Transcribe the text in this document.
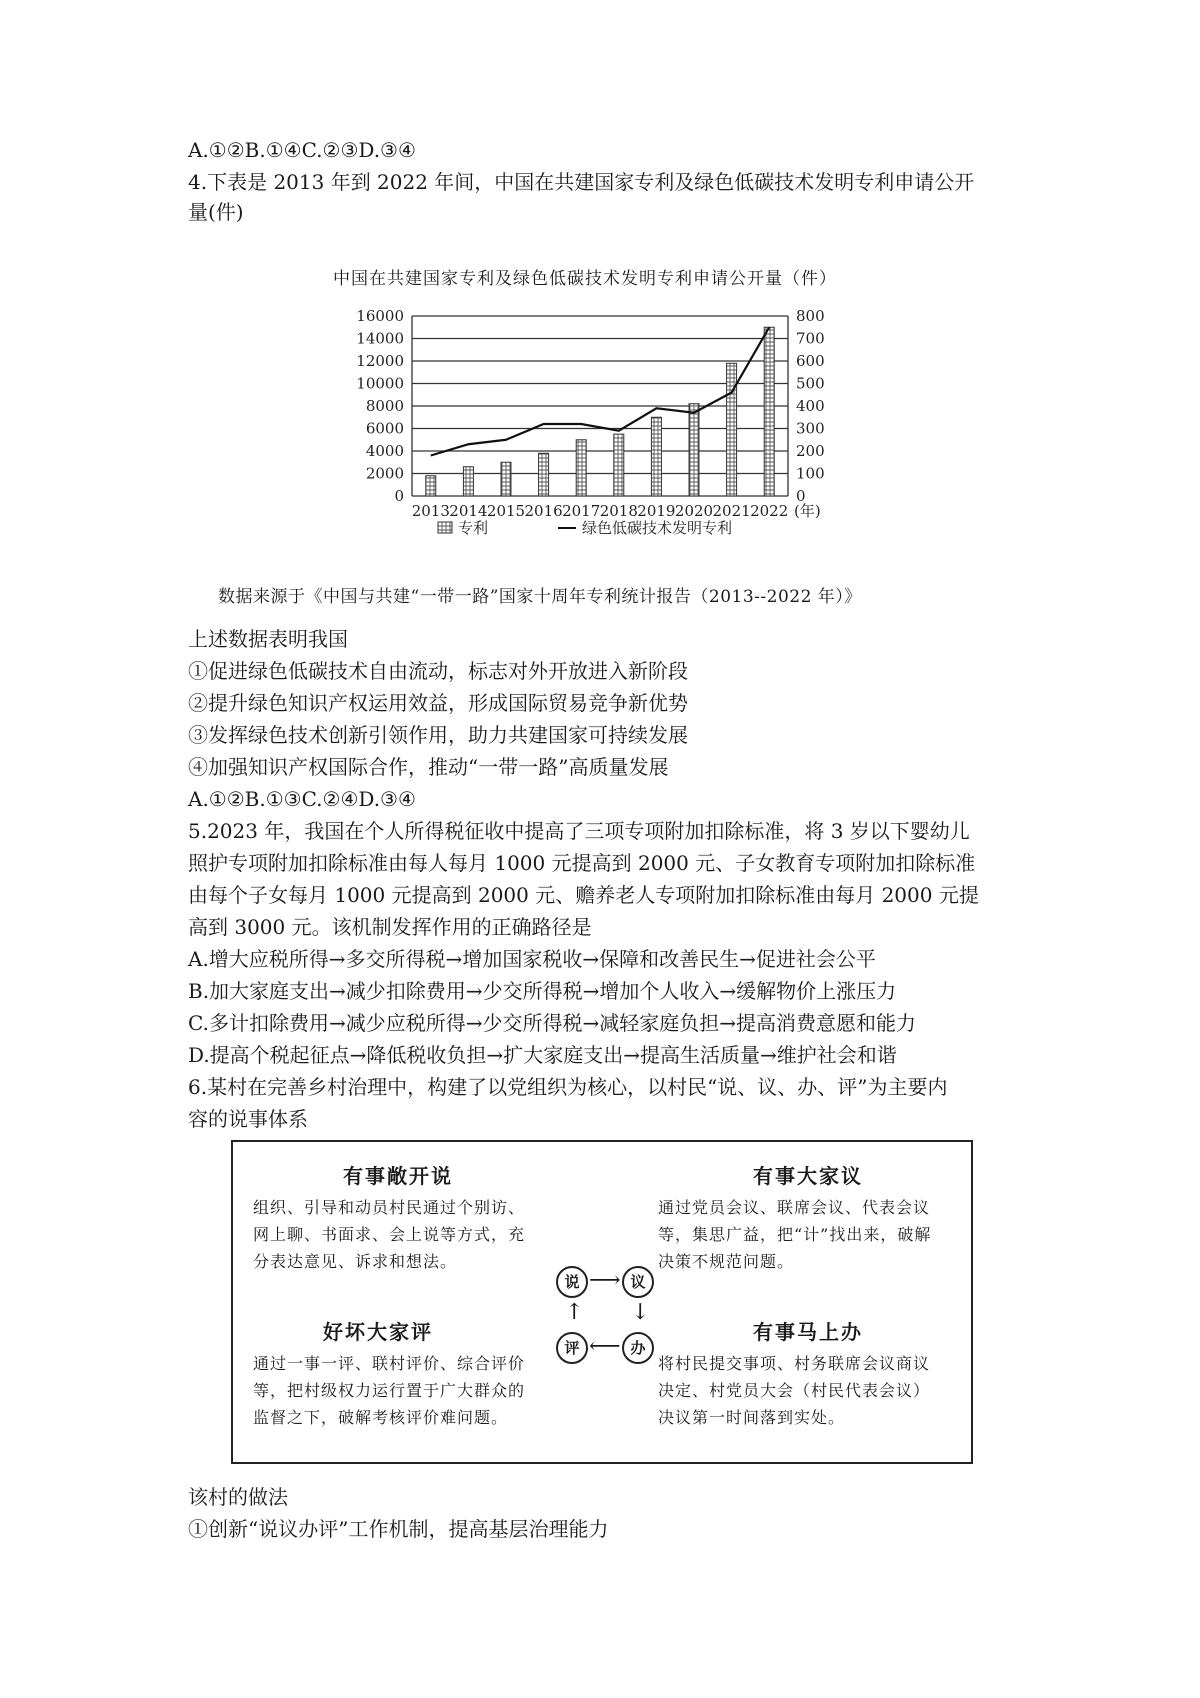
A.①②B.①④C.②③D.③④
4.下表是 2013 年到 2022 年间，中国在共建国家专利及绿色低碳技术发明专利申请公开
量(件)
中国在共建国家专利及绿色低碳技术发明专利申请公开量（件）
0
2000
4000
6000
8000
10000
12000
14000
16000
0
100
200
300
400
500
600
700
800
2013 2014 2015 2016 2017 2018 2019 2020 2021 2022 (年)
专利	绿色低碳技术发明专利
数据来源于《中国与共建“一带一路”国家十周年专利统计报告（2013--2022 年）》
上述数据表明我国
①促进绿色低碳技术自由流动，标志对外开放进入新阶段
②提升绿色知识产权运用效益，形成国际贸易竞争新优势
③发挥绿色技术创新引领作用，助力共建国家可持续发展
④加强知识产权国际合作，推动“一带一路”高质量发展
A.①②B.①③C.②④D.③④
5.2023 年，我国在个人所得税征收中提高了三项专项附加扣除标准，将 3 岁以下婴幼儿
照护专项附加扣除标准由每人每月 1000 元提高到 2000 元、子女教育专项附加扣除标准
由每个子女每月 1000 元提高到 2000 元、赡养老人专项附加扣除标准由每月 2000 元提
高到 3000 元。该机制发挥作用的正确路径是
A.增大应税所得→多交所得税→增加国家税收→保障和改善民生→促进社会公平
B.加大家庭支出→减少扣除费用→少交所得税→增加个人收入→缓解物价上涨压力
C.多计扣除费用→减少应税所得→少交所得税→减轻家庭负担→提高消费意愿和能力
D.提高个税起征点→降低税收负担→扩大家庭支出→提高生活质量→维护社会和谐
6.某村在完善乡村治理中，构建了以党组织为核心，以村民“说、议、办、评”为主要内
容的说事体系
有事敞开说
组织、引导和动员村民通过个别访、网上聊、书面求、会上说等方式，充分表达意见、诉求和想法。
有事大家议
通过党员会议、联席会议、代表会议等，集思广益，把“计”找出来，破解决策不规范问题。
好坏大家评
通过一事一评、联村评价、综合评价等，把村级权力运行置于广大群众的监督之下，破解考核评价难问题。
有事马上办
将村民提交事项、村务联席会议商议决定、村党员大会（村民代表会议）决议第一时间落到实处。
说	议
办
评
⟶
↓
⟵
↑
该村的做法
①创新“说议办评”工作机制，提高基层治理能力
